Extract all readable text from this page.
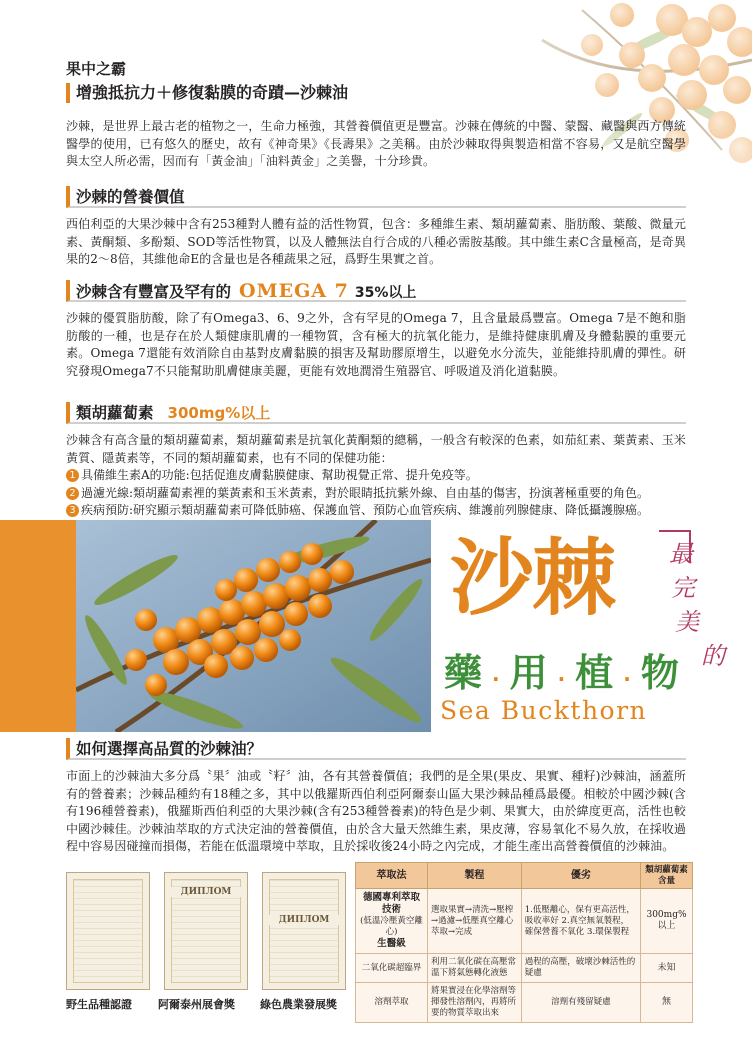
果中之霸
增強抵抗力＋修復黏膜的奇蹟—沙棘油

沙棘，是世界上最古老的植物之一，生命力極強，其營養價值更是豐富。沙棘在傳統的中醫、蒙醫、藏醫與西方傳統醫學的使用，已有悠久的歷史，故有《神奇果》《長壽果》之美稱。由於沙棘取得與製造相當不容易，又是航空醫學與太空人所必需，因而有「黃金油」「油料黃金」之美譽，十分珍貴。

沙棘的營養價值

西伯利亞的大果沙棘中含有253種對人體有益的活性物質，包含：多種維生素、類胡蘿蔔素、脂肪酸、葉酸、微量元素、黃酮類、多酚類、SOD等活性物質，以及人體無法自行合成的八種必需胺基酸。其中維生素C含量極高，是奇異果的2～8倍，其維他命E的含量也是各種蔬果之冠，爲野生果實之首。

沙棘含有豐富及罕有的 OMEGA 7 35%以上

沙棘的優質脂肪酸，除了有Omega3、6、9之外，含有罕見的Omega 7，且含量最爲豐富。Omega 7是不飽和脂肪酸的一種，也是存在於人類健康肌膚的一種物質，含有極大的抗氧化能力，是維持健康肌膚及身體黏膜的重要元素。Omega 7還能有效消除自由基對皮膚黏膜的損害及幫助膠原增生，以避免水分流失，並能維持肌膚的彈性。研究發現Omega7不只能幫助肌膚健康美麗，更能有效地潤滑生殖器官、呼吸道及消化道黏膜。

類胡蘿蔔素 300mg%以上

沙棘含有高含量的類胡蘿蔔素，類胡蘿蔔素是抗氧化黃酮類的總稱，一般含有較深的色素，如茄紅素、葉黃素、玉米黃質、隱黃素等，不同的類胡蘿蔔素，也有不同的保健功能：

1 具備維生素A的功能:包括促進皮膚黏膜健康、幫助視覺正常、提升免疫等。
2 過濾光線:類胡蘿蔔素裡的葉黃素和玉米黃素，對於眼睛抵抗紫外線、自由基的傷害，扮演著極重要的角色。
3 疾病預防:研究顯示類胡蘿蔔素可降低肺癌、保護血管、預防心血管疾病、維護前列腺健康、降低攝護腺癌。
沙棘
藥·用·植·物
Sea Buckthorn
最
完
美
的
如何選擇高品質的沙棘油？

市面上的沙棘油大多分爲〝果〞油或〝籽〞油，各有其營養價值；我們的是全果(果皮、果實、種籽)沙棘油，涵蓋所有的營養素；沙棘品種約有18種之多，其中以俄羅斯西伯利亞阿爾泰山區大果沙棘品種爲最優。相較於中國沙棘(含有196種營養素)，俄羅斯西伯利亞的大果沙棘(含有253種營養素)的特色是少刺、果實大，由於緯度更高，活性也較中國沙棘佳。沙棘油萃取的方式決定油的營養價值，由於含大量天然維生素，果皮薄，容易氧化不易久放，在採收過程中容易因碰撞而損傷，若能在低溫環境中萃取，且於採收後24小時之內完成，才能生產出高營養價值的沙棘油。

ДИПЛОМ
ДИПЛОМ
野生品種認證 阿爾泰州展會獎 綠色農業發展獎
萃取法	製程	優劣	類胡蘿蔔素含量
德國專利萃取技術
(低溫冷壓黃空離心)
生醫級	選取果實→清洗→壓榨→過濾→低壓真空離心萃取→完成	1.低壓離心，保有更高活性，吸收率好 2.真空無氧製程，確保營養不氧化 3.環保製程	300mg%以上
二氧化碳超臨界	利用二氧化碳在高壓常溫下將氣態轉化液態	過程的高壓，破壞沙棘活性的疑慮	未知
溶劑萃取	將果實浸在化學溶劑等揮發性溶劑內，再將所要的物質萃取出來	溶劑有殘留疑慮	無
